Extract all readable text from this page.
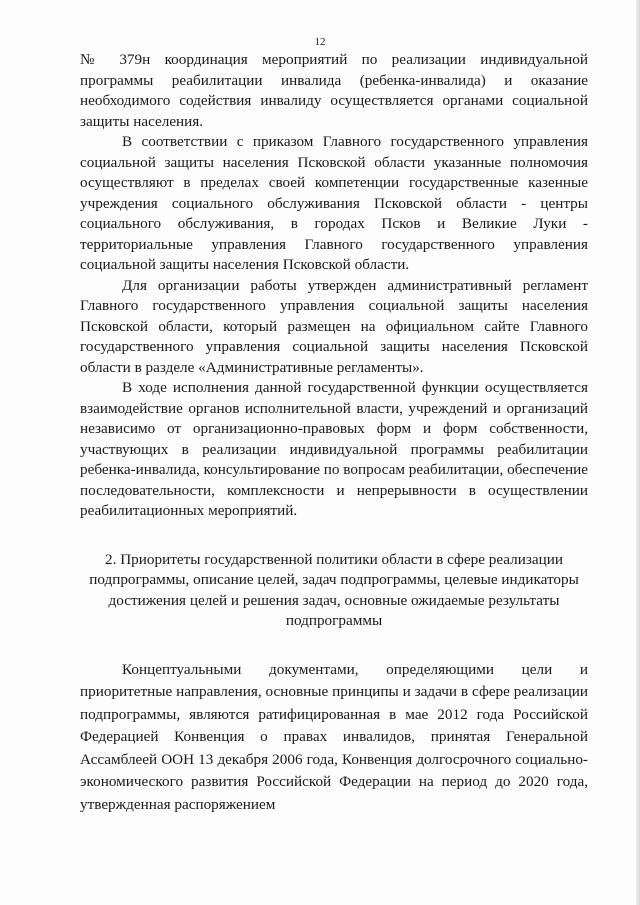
12

№ 379н координация мероприятий по реализации индивидуальной программы реабилитации инвалида (ребенка-инвалида) и оказание необходимого содействия инвалиду осуществляется органами социальной защиты населения.

В соответствии с приказом Главного государственного управления социальной защиты населения Псковской области указанные полномочия осуществляют в пределах своей компетенции государственные казенные учреждения социального обслуживания Псковской области - центры социального обслуживания, в городах Псков и Великие Луки - территориальные управления Главного государственного управления социальной защиты населения Псковской области.

Для организации работы утвержден административный регламент Главного государственного управления социальной защиты населения Псковской области, который размещен на официальном сайте Главного государственного управления социальной защиты населения Псковской области в разделе «Административные регламенты».

В ходе исполнения данной государственной функции осуществляется взаимодействие органов исполнительной власти, учреждений и организаций независимо от организационно-правовых форм и форм собственности, участвующих в реализации индивидуальной программы реабилитации ребенка-инвалида, консультирование по вопросам реабилитации, обеспечение последовательности, комплексности и непрерывности в осуществлении реабилитационных мероприятий.

2. Приоритеты государственной политики области в сфере реализации подпрограммы, описание целей, задач подпрограммы, целевые индикаторы достижения целей и решения задач, основные ожидаемые результаты подпрограммы

Концептуальными документами, определяющими цели и приоритетные направления, основные принципы и задачи в сфере реализации подпрограммы, являются ратифицированная в мае 2012 года Российской Федерацией Конвенция о правах инвалидов, принятая Генеральной Ассамблеей ООН 13 декабря 2006 года, Конвенция долгосрочного социально-экономического развития Российской Федерации на период до 2020 года, утвержденная распоряжением
